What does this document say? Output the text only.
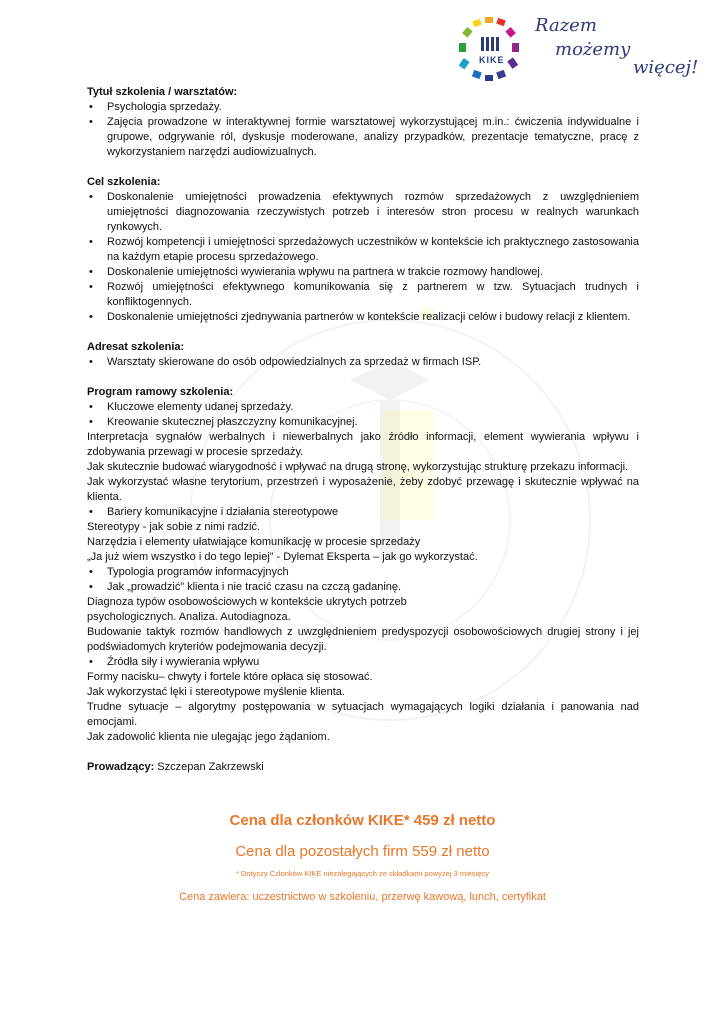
KIKE
Razem
możemy
więcej!

Tytuł szkolenia / warsztatów:

• Psychologia sprzedaży.
• Zajęcia prowadzone w interaktywnej formie warsztatowej wykorzystującej m.in.: ćwiczenia indywidualne i grupowe, odgrywanie ról, dyskusje moderowane, analizy przypadków, prezentacje tematyczne, pracę z wykorzystaniem narzędzi audiowizualnych.

Cel szkolenia:

• Doskonalenie umiejętności prowadzenia efektywnych rozmów sprzedażowych z uwzględnieniem umiejętności diagnozowania rzeczywistych potrzeb i interesów stron procesu w realnych warunkach rynkowych.
• Rozwój kompetencji i umiejętności sprzedażowych uczestników w kontekście ich praktycznego zastosowania na każdym etapie procesu sprzedażowego.
• Doskonalenie umiejętności wywierania wpływu na partnera w trakcie rozmowy handlowej.
• Rozwój umiejętności efektywnego komunikowania się z partnerem w tzw. Sytuacjach trudnych i konfliktogennych.
• Doskonalenie umiejętności zjednywania partnerów w kontekście realizacji celów i budowy relacji z klientem.

Adresat szkolenia:

• Warsztaty skierowane do osób odpowiedzialnych za sprzedaż w firmach ISP.

Program ramowy szkolenia:

• Kluczowe elementy udanej sprzedaży.
• Kreowanie skutecznej płaszczyzny komunikacyjnej.

Interpretacja sygnałów werbalnych i niewerbalnych jako źródło informacji, element wywierania wpływu i zdobywania przewagi w procesie sprzedaży.

Jak skutecznie budować wiarygodność i wpływać na drugą stronę, wykorzystując strukturę przekazu informacji.

Jak wykorzystać własne terytorium, przestrzeń i wyposażenie, żeby zdobyć przewagę i skutecznie wpływać na klienta.

• Bariery komunikacyjne i działania stereotypowe

Stereotypy - jak sobie z nimi radzić.

Narzędzia i elementy ułatwiające komunikację w procesie sprzedaży

„Ja już wiem wszystko i do tego lepiej” - Dylemat Eksperta – jak go wykorzystać.

• Typologia programów informacyjnych
• Jak „prowadzić” klienta i nie tracić czasu na czczą gadaninę.

Diagnoza typów osobowościowych w kontekście ukrytych potrzeb

psychologicznych. Analiza. Autodiagnoza.

Budowanie taktyk rozmów handlowych z uwzględnieniem predyspozycji osobowościowych drugiej strony i jej podświadomych kryteriów podejmowania decyzji.

• Źródła siły i wywierania wpływu

Formy nacisku– chwyty i fortele które opłaca się stosować.

Jak wykorzystać lęki i stereotypowe myślenie klienta.

Trudne sytuacje – algorytmy postępowania w sytuacjach wymagających logiki działania i panowania nad emocjami.

Jak zadowolić klienta nie ulegając jego żądaniom.

Prowadzący: Szczepan Zakrzewski

Cena dla członków KIKE* 459 zł netto
Cena dla pozostałych firm 559 zł netto
* Dotyczy Członków KIKE niezalegających ze składkami powyżej 3 miesięcy
Cena zawiera: uczestnictwo w szkoleniu, przerwę kawową, lunch, certyfikat
